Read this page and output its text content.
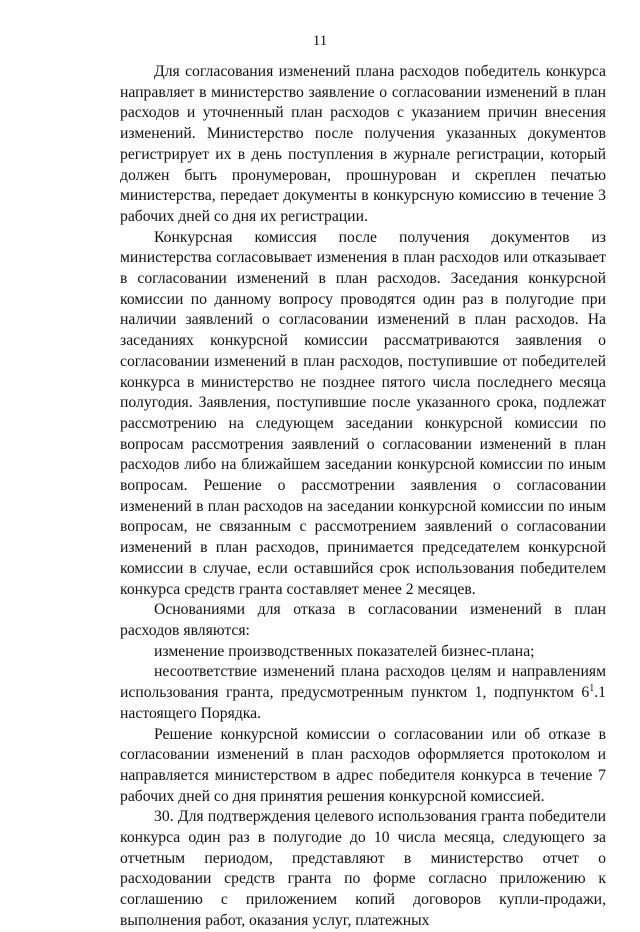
11

Для согласования изменений плана расходов победитель конкурса направляет в министерство заявление о согласовании изменений в план расходов и уточненный план расходов с указанием причин внесения изменений. Министерство после получения указанных документов регистрирует их в день поступления в журнале регистрации, который должен быть пронумерован, прошнурован и скреплен печатью министерства, передает документы в конкурсную комиссию в течение 3 рабочих дней со дня их регистрации.

Конкурсная комиссия после получения документов из министерства согласовывает изменения в план расходов или отказывает в согласовании изменений в план расходов. Заседания конкурсной комиссии по данному вопросу проводятся один раз в полугодие при наличии заявлений о согласовании изменений в план расходов. На заседаниях конкурсной комиссии рассматриваются заявления о согласовании изменений в план расходов, поступившие от победителей конкурса в министерство не позднее пятого числа последнего месяца полугодия. Заявления, поступившие после указанного срока, подлежат рассмотрению на следующем заседании конкурсной комиссии по вопросам рассмотрения заявлений о согласовании изменений в план расходов либо на ближайшем заседании конкурсной комиссии по иным вопросам. Решение о рассмотрении заявления о согласовании изменений в план расходов на заседании конкурсной комиссии по иным вопросам, не связанным с рассмотрением заявлений о согласовании изменений в план расходов, принимается председателем конкурсной комиссии в случае, если оставшийся срок использования победителем конкурса средств гранта составляет менее 2 месяцев.

Основаниями для отказа в согласовании изменений в план расходов являются:

изменение производственных показателей бизнес-плана;

несоответствие изменений плана расходов целям и направлениям использования гранта, предусмотренным пунктом 1, подпунктом $6^1.1$ настоящего Порядка.

Решение конкурсной комиссии о согласовании или об отказе в согласовании изменений в план расходов оформляется протоколом и направляется министерством в адрес победителя конкурса в течение 7 рабочих дней со дня принятия решения конкурсной комиссией.

30. Для подтверждения целевого использования гранта победители конкурса один раз в полугодие до 10 числа месяца, следующего за отчетным периодом, представляют в министерство отчет о расходовании средств гранта по форме согласно приложению к соглашению с приложением копий договоров купли-продажи, выполнения работ, оказания услуг, платежных
